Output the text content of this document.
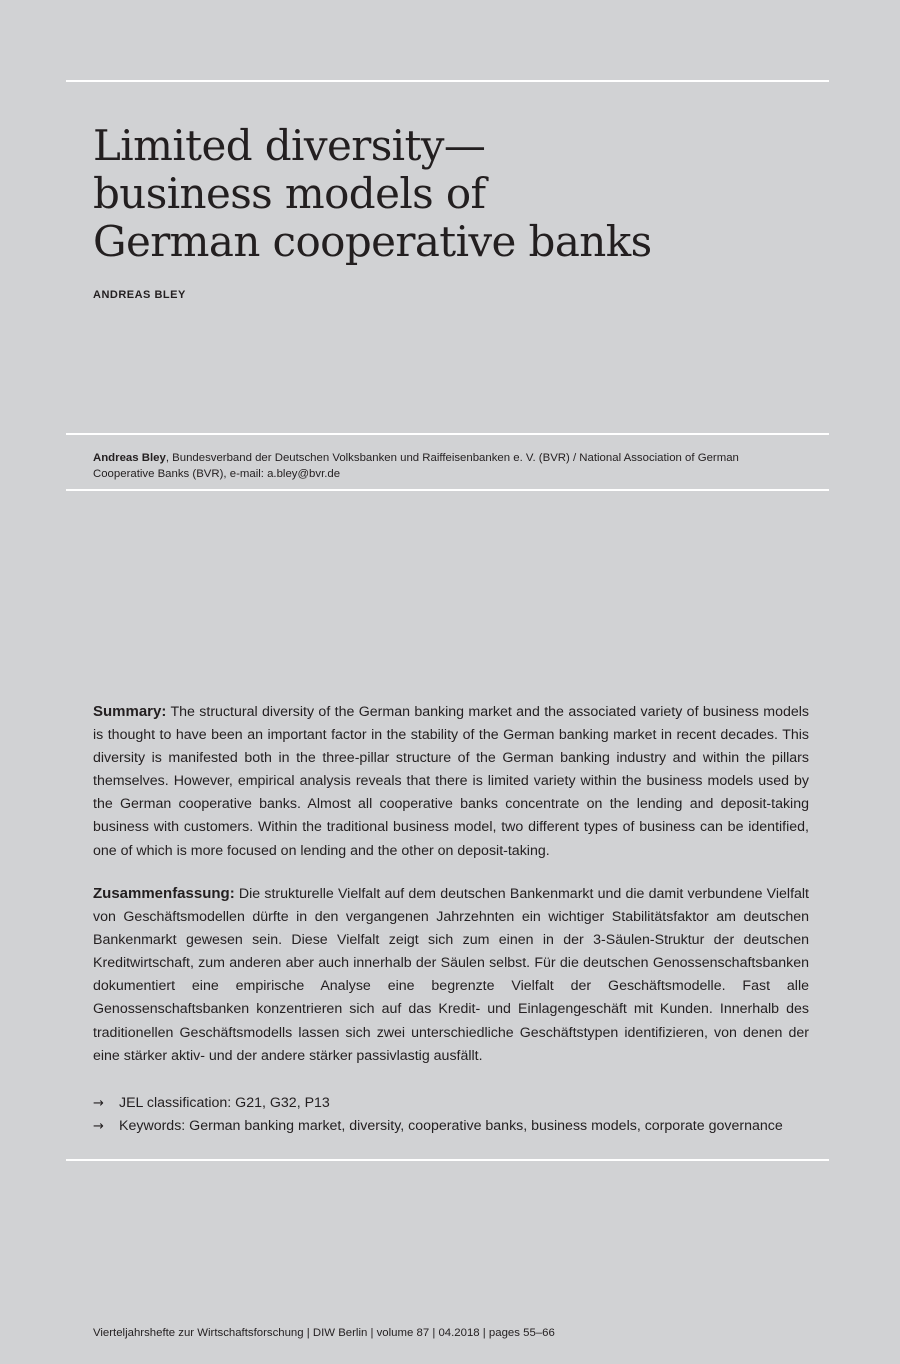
Limited diversity—
business models of
German cooperative banks
ANDREAS BLEY
Andreas Bley, Bundesverband der Deutschen Volksbanken und Raiffeisenbanken e. V. (BVR) / National Association of German Cooperative Banks (BVR), e-mail: a.bley@bvr.de

Summary: The structural diversity of the German banking market and the associated variety of business models is thought to have been an important factor in the stability of the German banking market in recent decades. This diversity is manifested both in the three-pillar structure of the German banking industry and within the pillars themselves. However, empirical analysis reveals that there is limited variety within the business models used by the German cooperative banks. Almost all cooperative banks concentrate on the lending and deposit-taking business with customers. Within the traditional business model, two different types of business can be identified, one of which is more focused on lending and the other on deposit-taking.

Zusammenfassung: Die strukturelle Vielfalt auf dem deutschen Bankenmarkt und die damit verbundene Vielfalt von Geschäftsmodellen dürfte in den vergangenen Jahrzehnten ein wichtiger Stabilitätsfaktor am deutschen Bankenmarkt gewesen sein. Diese Vielfalt zeigt sich zum einen in der 3-Säulen-Struktur der deutschen Kreditwirtschaft, zum anderen aber auch innerhalb der Säulen selbst. Für die deutschen Genossenschaftsbanken dokumentiert eine empirische Analyse eine begrenzte Vielfalt der Geschäftsmodelle. Fast alle Genossenschaftsbanken konzentrieren sich auf das Kredit- und Einlagengeschäft mit Kunden. Innerhalb des traditionellen Geschäftsmodells lassen sich zwei unterschiedliche Geschäftstypen identifizieren, von denen der eine stärker aktiv- und der andere stärker passivlastig ausfällt.

→ JEL classification: G21, G32, P13
→ Keywords: German banking market, diversity, cooperative banks, business models, corporate governance
Vierteljahrshefte zur Wirtschaftsforschung | DIW Berlin | volume 87 | 04.2018 | pages 55–66
